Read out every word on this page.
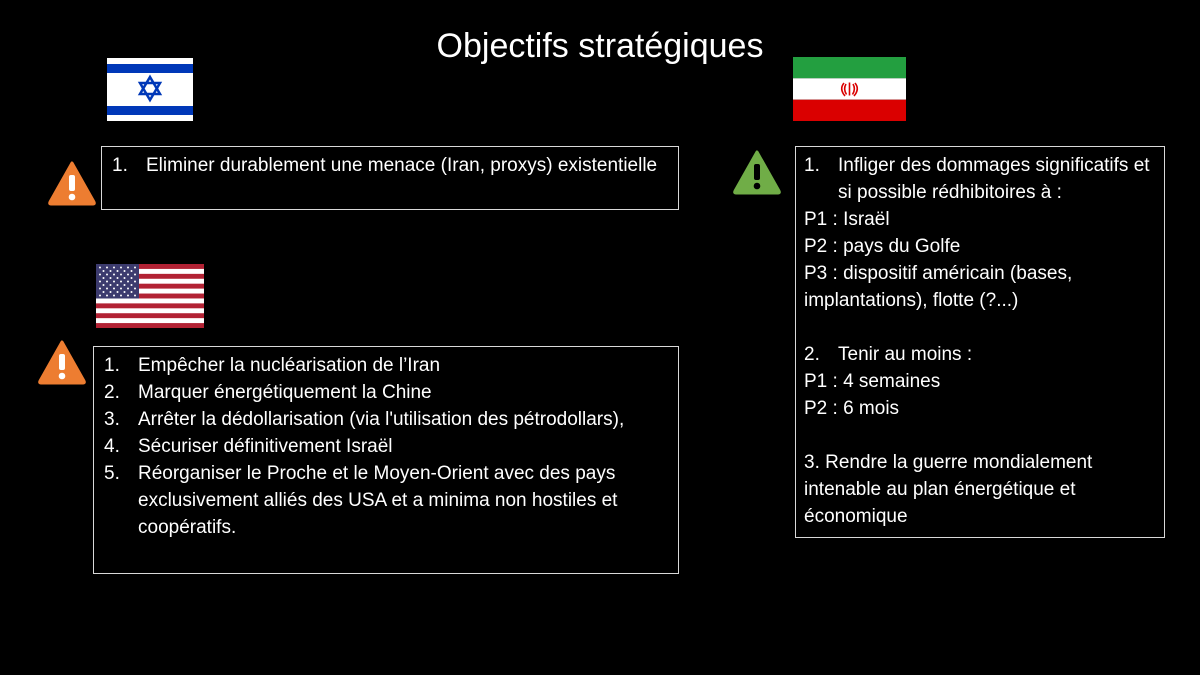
Objectifs stratégiques
1. Eliminer durablement une menace (Iran, proxys) existentielle
1. Empêcher la nucléarisation de l’Iran
2. Marquer énergétiquement la Chine
3. Arrêter la dédollarisation (via l'utilisation des pétrodollars),
4. Sécuriser définitivement Israël
5. Réorganiser le Proche et le Moyen-Orient avec des pays exclusivement alliés des USA et a minima non hostiles et coopératifs.
1. Infliger des dommages significatifs et si possible rédhibitoires à :
P1 : Israël
P2 : pays du Golfe
P3 : dispositif américain (bases, implantations), flotte (?...)
2. Tenir au moins :
P1 : 4 semaines
P2 : 6 mois
3. Rendre la guerre mondialement intenable au plan énergétique et économique
